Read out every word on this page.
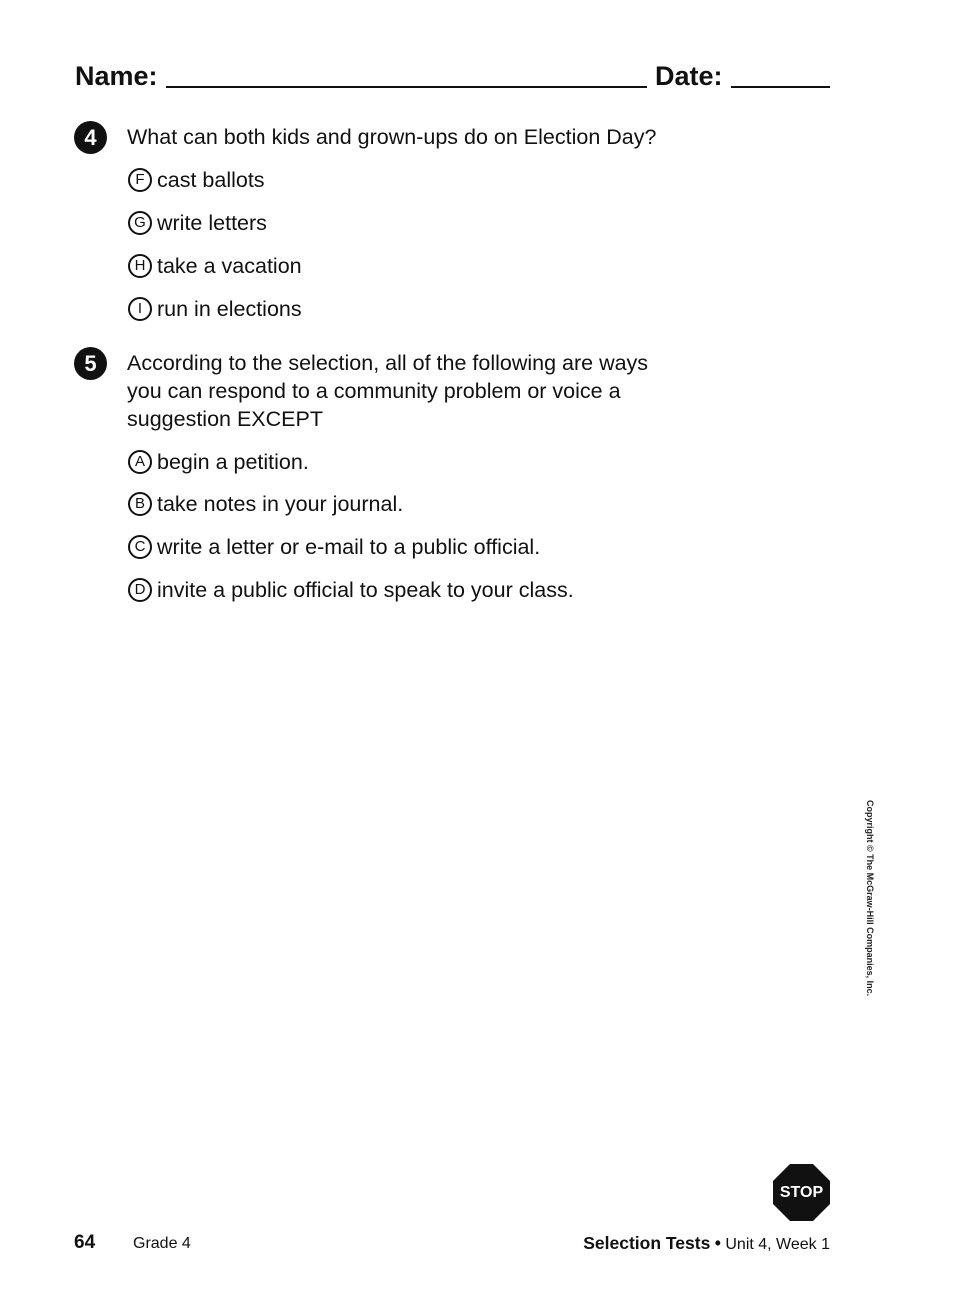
Name:	Date:
4	What can both kids and grown-ups do on Election Day?
F cast ballots
G write letters
H take a vacation
I run in elections
5	According to the selection, all of the following are ways
you can respond to a community problem or voice a
suggestion EXCEPT
A begin a petition.
B take notes in your journal.
C write a letter or e-mail to a public official.
D invite a public official to speak to your class.
Copyright © The McGraw-Hill Companies, Inc.
STOP
64 Grade 4	Selection Tests • Unit 4, Week 1
